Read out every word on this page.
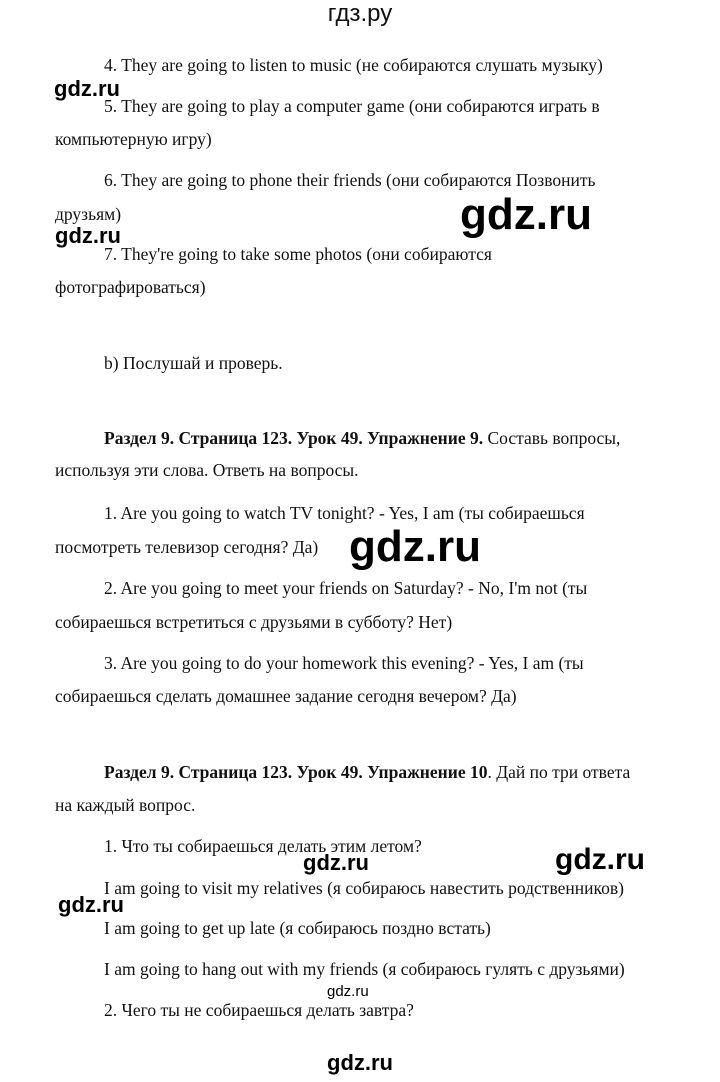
гдз.ру
4. They are going to listen to music (не собираются слушать музыку)
gdz.ru
5. They are going to play a computer game (они собираются играть в
компьютерную игру)
6. They are going to phone their friends (они собираются Позвонить
друзьям)	gdz.ru
gdz.ru
7. They're going to take some photos (они собираются
фотографироваться)
b) Послушай и проверь.
Раздел 9. Страница 123. Урок 49. Упражнение 9. Составь вопросы,
используя эти слова. Ответь на вопросы.
1. Are you going to watch TV tonight? - Yes, I am (ты собираешься
посмотреть телевизор сегодня? Да) gdz.ru
2. Are you going to meet your friends on Saturday? - No, I'm not (ты
собираешься встретиться с друзьями в субботу? Нет)
3. Are you going to do your homework this evening? - Yes, I am (ты
собираешься сделать домашнее задание сегодня вечером? Да)
Раздел 9. Страница 123. Урок 49. Упражнение 10. Дай по три ответа
на каждый вопрос.
1. Что ты собираешься делать этим летом?
gdz.ru	gdz.ru
I am going to visit my relatives (я собираюсь навестить родственников)
gdz.ru
I am going to get up late (я собираюсь поздно встать)
I am going to hang out with my friends (я собираюсь гулять с друзьями)
gdz.ru
2. Чего ты не собираешься делать завтра?
gdz.ru
